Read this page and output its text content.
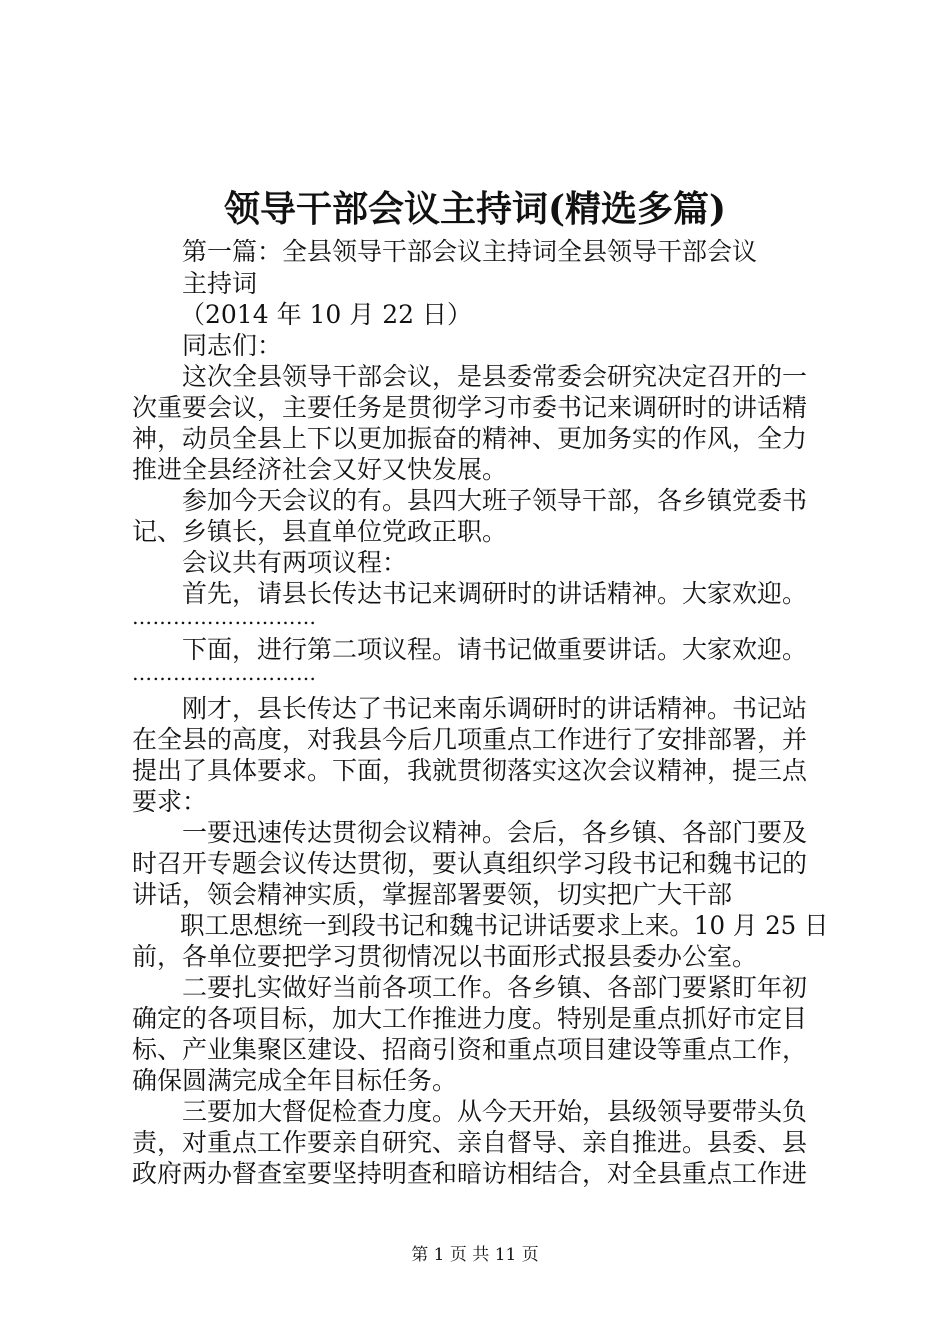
领导干部会议主持词(精选多篇)
第一篇：全县领导干部会议主持词全县领导干部会议
主持词
（2014 年 10 月 22 日）
同志们：
这次全县领导干部会议，是县委常委会研究决定召开的一
次重要会议，主要任务是贯彻学习市委书记来调研时的讲话精
神，动员全县上下以更加振奋的精神、更加务实的作风，全力
推进全县经济社会又好又快发展。
参加今天会议的有。县四大班子领导干部，各乡镇党委书
记、乡镇长，县直单位党政正职。
会议共有两项议程：
首先，请县长传达书记来调研时的讲话精神。大家欢迎。
………………………
下面，进行第二项议程。请书记做重要讲话。大家欢迎。
………………………
刚才，县长传达了书记来南乐调研时的讲话精神。书记站
在全县的高度，对我县今后几项重点工作进行了安排部署，并
提出了具体要求。下面，我就贯彻落实这次会议精神，提三点
要求：
一要迅速传达贯彻会议精神。会后，各乡镇、各部门要及
时召开专题会议传达贯彻，要认真组织学习段书记和魏书记的
讲话，领会精神实质，掌握部署要领，切实把广大干部
职工思想统一到段书记和魏书记讲话要求上来。10 月 25 日
前，各单位要把学习贯彻情况以书面形式报县委办公室。
二要扎实做好当前各项工作。各乡镇、各部门要紧盯年初
确定的各项目标，加大工作推进力度。特别是重点抓好市定目
标、产业集聚区建设、招商引资和重点项目建设等重点工作，
确保圆满完成全年目标任务。
三要加大督促检查力度。从今天开始，县级领导要带头负
责，对重点工作要亲自研究、亲自督导、亲自推进。县委、县
政府两办督查室要坚持明查和暗访相结合，对全县重点工作进
第 1 页 共 11 页
